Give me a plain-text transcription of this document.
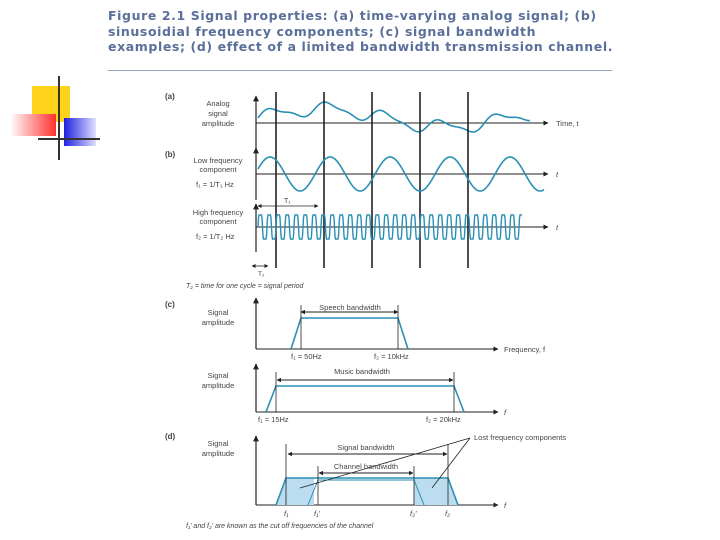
Figure 2.1 Signal properties: (a) time-varying analog signal; (b) sinusoidial frequency components; (c) signal bandwidth examples; (d) effect of a limited bandwidth transmission channel.
(a)
Analog
signal
amplitude	Time, t
(b)
Low frequency
component
f₁ = 1/T₁ Hz
t
T₁
High frequency
component
f₂ = 1/T₂ Hz
t
T₂
T₂ = time for one cycle = signal period
(c)
Signal
amplitude
Speech bandwidth
f₁ = 50Hz	f₂ = 10kHz
Frequency, f
Signal
amplitude
Music bandwidth
f₁ = 15Hz	f₂ = 20kHz
f
(d)
Signal
amplitude
Lost frequency components
Signal bandwidth
Channel bandwidth
f₁	f₁'	f₂'	f₂
f
f₁' and f₂' are known as the cut off frequencies of the channel
